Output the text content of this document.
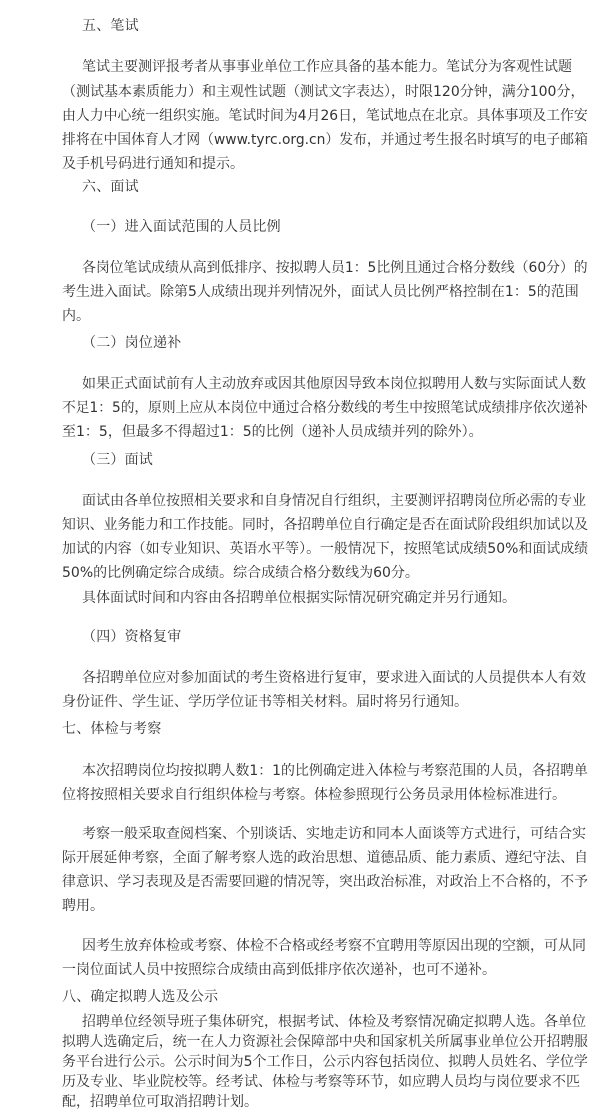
五、笔试
笔试主要测评报考者从事事业单位工作应具备的基本能力。笔试分为客观性试题
（测试基本素质能力）和主观性试题（测试文字表达），时限120分钟，满分100分，
由人力中心统一组织实施。笔试时间为4月26日，笔试地点在北京。具体事项及工作安
排将在中国体育人才网（www.tyrc.org.cn）发布，并通过考生报名时填写的电子邮箱
及手机号码进行通知和提示。
六、面试
（一）进入面试范围的人员比例
各岗位笔试成绩从高到低排序、按拟聘人员1：5比例且通过合格分数线（60分）的
考生进入面试。除第5人成绩出现并列情况外，面试人员比例严格控制在1：5的范围
内。
（二）岗位递补
如果正式面试前有人主动放弃或因其他原因导致本岗位拟聘用人数与实际面试人数
不足1：5的，原则上应从本岗位中通过合格分数线的考生中按照笔试成绩排序依次递补
至1：5，但最多不得超过1：5的比例（递补人员成绩并列的除外）。
（三）面试
面试由各单位按照相关要求和自身情况自行组织，主要测评招聘岗位所必需的专业
知识、业务能力和工作技能。同时，各招聘单位自行确定是否在面试阶段组织加试以及
加试的内容（如专业知识、英语水平等）。一般情况下，按照笔试成绩50%和面试成绩
50%的比例确定综合成绩。综合成绩合格分数线为60分。
具体面试时间和内容由各招聘单位根据实际情况研究确定并另行通知。
（四）资格复审
各招聘单位应对参加面试的考生资格进行复审，要求进入面试的人员提供本人有效
身份证件、学生证、学历学位证书等相关材料。届时将另行通知。
七、体检与考察
本次招聘岗位均按拟聘人数1：1的比例确定进入体检与考察范围的人员，各招聘单
位将按照相关要求自行组织体检与考察。体检参照现行公务员录用体检标准进行。
考察一般采取查阅档案、个别谈话、实地走访和同本人面谈等方式进行，可结合实
际开展延伸考察，全面了解考察人选的政治思想、道德品质、能力素质、遵纪守法、自
律意识、学习表现及是否需要回避的情况等，突出政治标准，对政治上不合格的，不予
聘用。
因考生放弃体检或考察、体检不合格或经考察不宜聘用等原因出现的空额，可从同
一岗位面试人员中按照综合成绩由高到低排序依次递补，也可不递补。
八、确定拟聘人选及公示
招聘单位经领导班子集体研究，根据考试、体检及考察情况确定拟聘人选。各单位
拟聘人选确定后，统一在人力资源社会保障部中央和国家机关所属事业单位公开招聘服
务平台进行公示。公示时间为5个工作日，公示内容包括岗位、拟聘人员姓名、学位学
历及专业、毕业院校等。经考试、体检与考察等环节，如应聘人员均与岗位要求不匹
配，招聘单位可取消招聘计划。
